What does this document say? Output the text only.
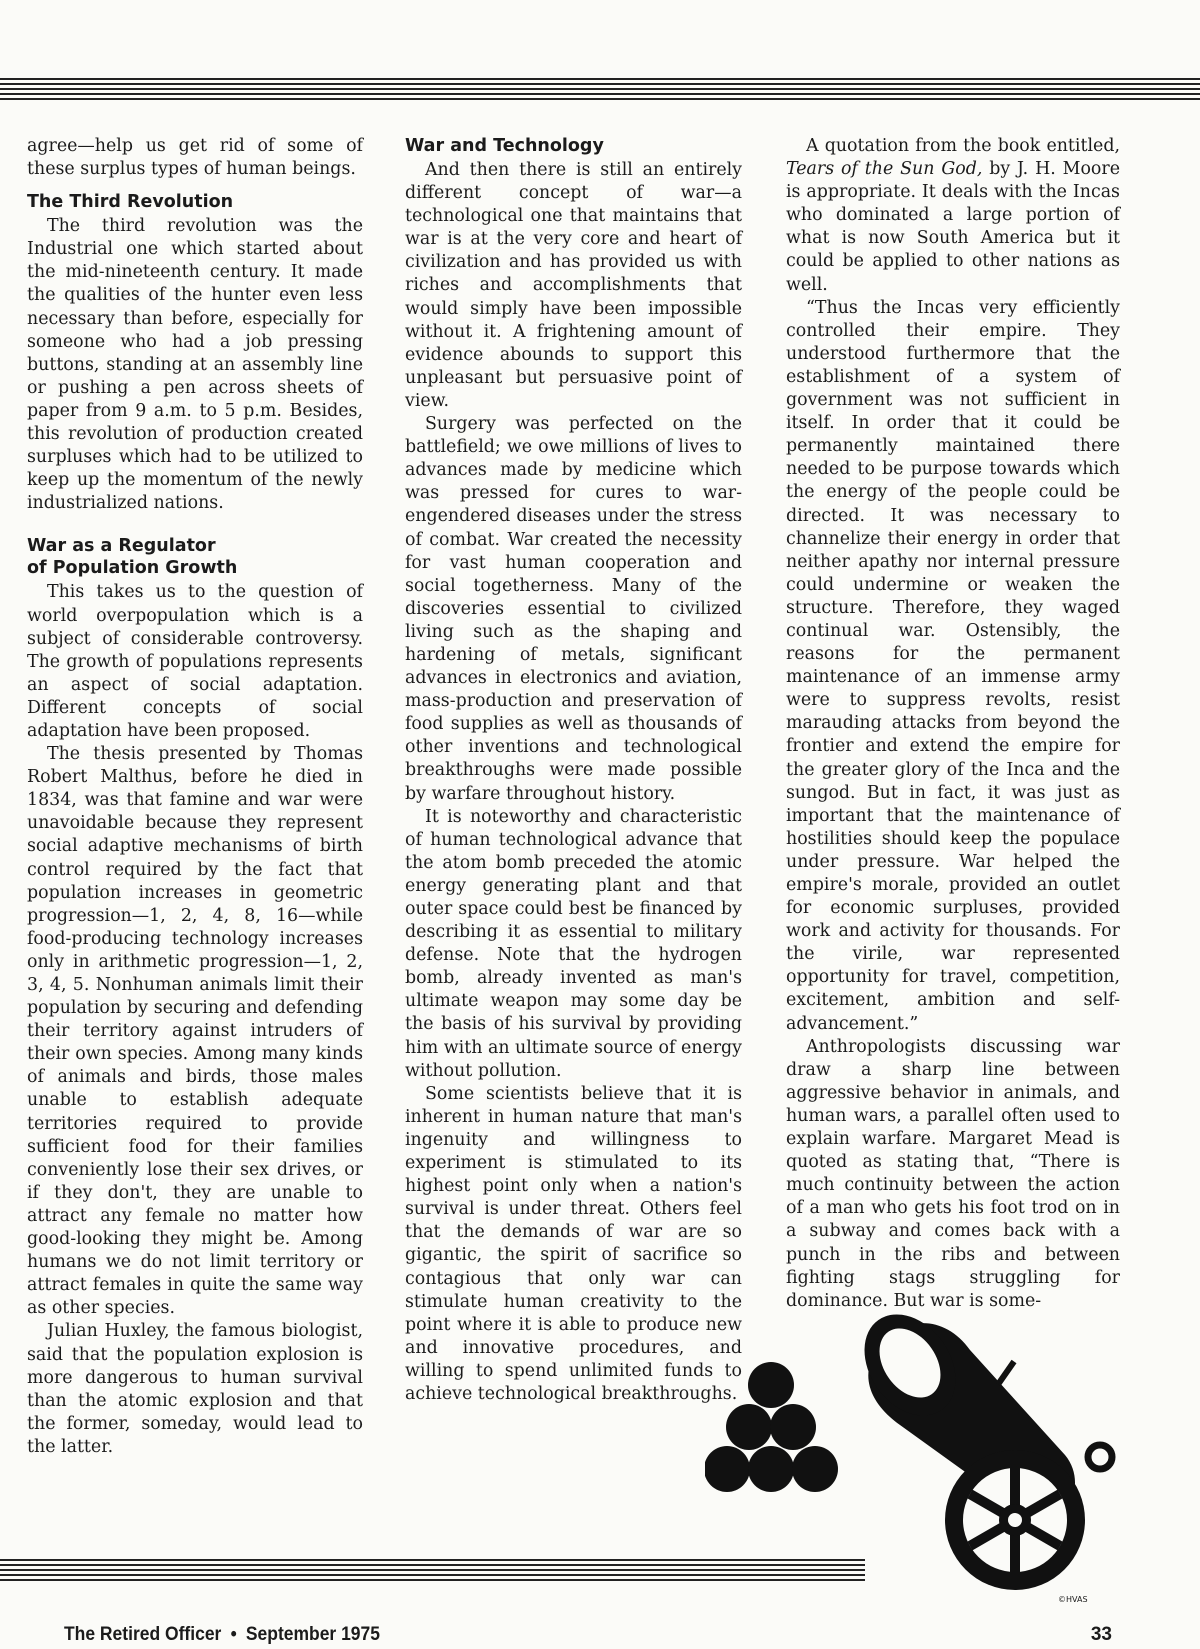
agree—help us get rid of some of these surplus types of human beings.

The Third Revolution

The third revolution was the Industrial one which started about the mid-nineteenth century. It made the qualities of the hunter even less necessary than before, especially for someone who had a job pressing buttons, standing at an assembly line or pushing a pen across sheets of paper from 9 a.m. to 5 p.m. Besides, this revolution of production created surpluses which had to be utilized to keep up the momentum of the newly industrialized nations.

War as a Regulator
of Population Growth

This takes us to the question of world overpopulation which is a subject of considerable controversy. The growth of populations represents an aspect of social adaptation. Different concepts of social adaptation have been proposed.

The thesis presented by Thomas Robert Malthus, before he died in 1834, was that famine and war were unavoidable because they represent social adaptive mechanisms of birth control required by the fact that population increases in geometric progression—1, 2, 4, 8, 16—while food-producing technology increases only in arithmetic progression—1, 2, 3, 4, 5. Nonhuman animals limit their population by securing and defending their territory against intruders of their own species. Among many kinds of animals and birds, those males unable to establish adequate territories required to provide sufficient food for their families conveniently lose their sex drives, or if they don't, they are unable to attract any female no matter how good-looking they might be. Among humans we do not limit territory or attract females in quite the same way as other species.

Julian Huxley, the famous biologist, said that the population explosion is more dangerous to human survival than the atomic explosion and that the former, someday, would lead to the latter.

War and Technology

And then there is still an entirely different concept of war—a technological one that maintains that war is at the very core and heart of civilization and has provided us with riches and accomplishments that would simply have been impossible without it. A frightening amount of evidence abounds to support this unpleasant but persuasive point of view.

Surgery was perfected on the battlefield; we owe millions of lives to advances made by medicine which was pressed for cures to war-engendered diseases under the stress of combat. War created the necessity for vast human cooperation and social togetherness. Many of the discoveries essential to civilized living such as the shaping and hardening of metals, significant advances in electronics and aviation, mass-production and preservation of food supplies as well as thousands of other inventions and technological breakthroughs were made possible by warfare throughout history.

It is noteworthy and characteristic of human technological advance that the atom bomb preceded the atomic energy generating plant and that outer space could best be financed by describing it as essential to military defense. Note that the hydrogen bomb, already invented as man's ultimate weapon may some day be the basis of his survival by providing him with an ultimate source of energy without pollution.

Some scientists believe that it is inherent in human nature that man's ingenuity and willingness to experiment is stimulated to its highest point only when a nation's survival is under threat. Others feel that the demands of war are so gigantic, the spirit of sacrifice so contagious that only war can stimulate human creativity to the point where it is able to produce new and innovative procedures, and willing to spend unlimited funds to achieve technological breakthroughs.

A quotation from the book entitled, Tears of the Sun God, by J. H. Moore is appropriate. It deals with the Incas who dominated a large portion of what is now South America but it could be applied to other nations as well.

“Thus the Incas very efficiently controlled their empire. They understood furthermore that the establishment of a system of government was not sufficient in itself. In order that it could be permanently maintained there needed to be purpose towards which the energy of the people could be directed. It was necessary to channelize their energy in order that neither apathy nor internal pressure could undermine or weaken the structure. Therefore, they waged continual war. Ostensibly, the reasons for the permanent maintenance of an immense army were to suppress revolts, resist marauding attacks from beyond the frontier and extend the empire for the greater glory of the Inca and the sungod. But in fact, it was just as important that the maintenance of hostilities should keep the populace under pressure. War helped the empire's morale, provided an outlet for economic surpluses, provided work and activity for thousands. For the virile, war represented opportunity for travel, competition, excitement, ambition and self-advancement.”

Anthropologists discussing war draw a sharp line between aggressive behavior in animals, and human wars, a parallel often used to explain warfare. Margaret Mead is quoted as stating that, “There is much continuity between the action of a man who gets his foot trod on in a subway and comes back with a punch in the ribs and between fighting stags struggling for dominance. But war is some-

©HVAS
The Retired Officer • September 1975	33
